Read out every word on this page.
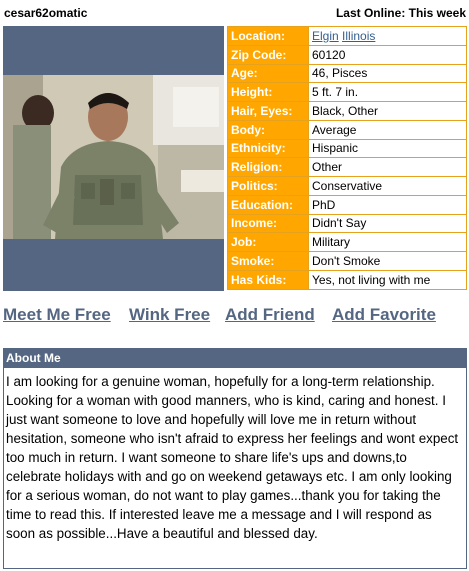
cesar62omatic	Last Online: This week
Location:	Elgin Illinois
Zip Code:	60120
Age:	46, Pisces
Height:	5 ft. 7 in.
Hair, Eyes:	Black, Other
Body:	Average
Ethnicity:	Hispanic
Religion:	Other
Politics:	Conservative
Education:	PhD
Income:	Didn't Say
Job:	Military
Smoke:	Don't Smoke
Has Kids:	Yes, not living with me
Meet Me Free Wink Free Add Friend Add Favorite
About Me
I am looking for a genuine woman, hopefully for a long-term relationship. Looking for a woman with good manners, who is kind, caring and honest. I just want someone to love and hopefully will love me in return without hesitation, someone who isn't afraid to express her feelings and wont expect too much in return. I want someone to share life's ups and downs,to celebrate holidays with and go on weekend getaways etc. I am only looking for a serious woman, do not want to play games...thank you for taking the time to read this. If interested leave me a message and I will respond as soon as possible...Have a beautiful and blessed day.
